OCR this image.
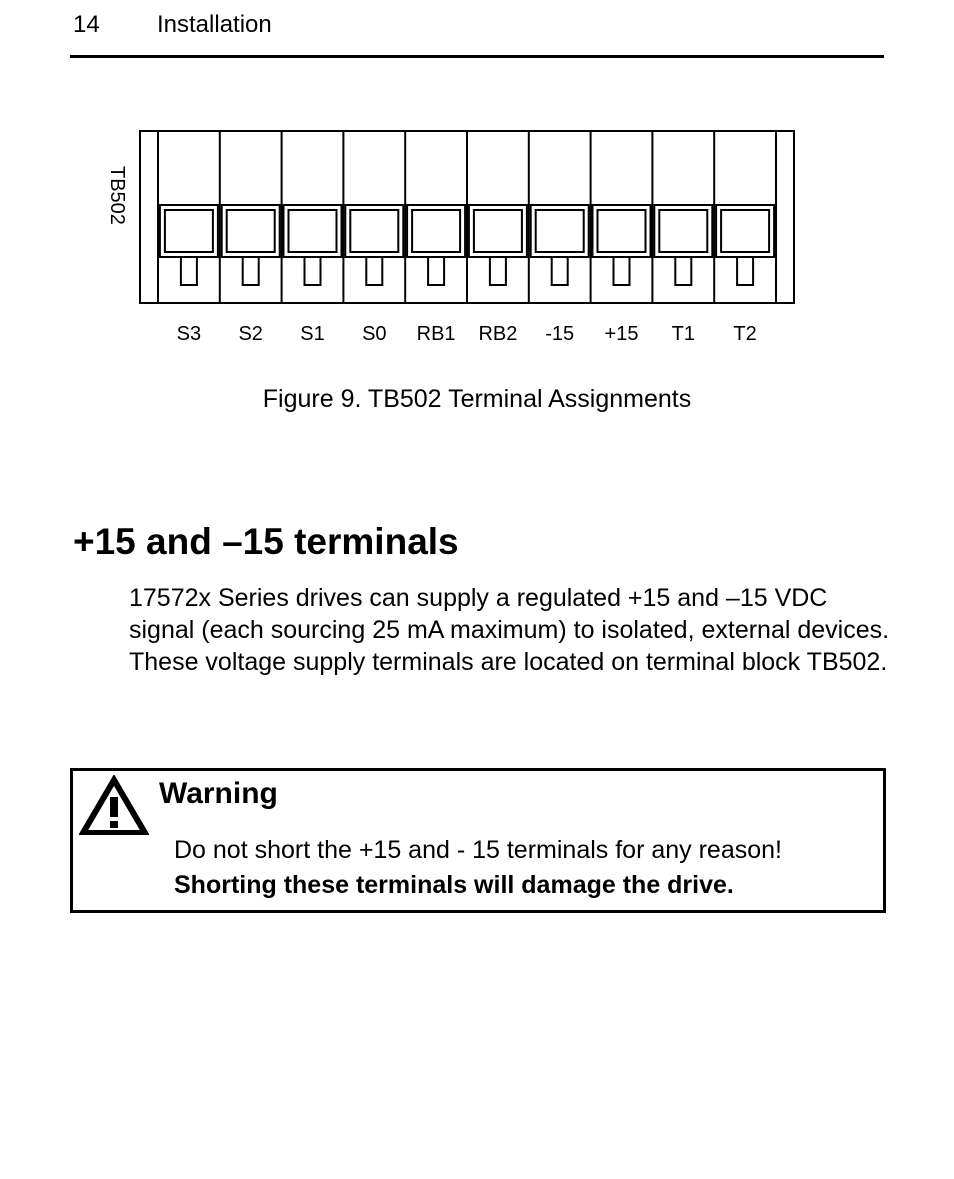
14 Installation
TB502
S3 S2 S1 S0 RB1 RB2 -15 +15 T1 T2
Figure 9. TB502 Terminal Assignments
+15 and –15 terminals

17572x Series drives can supply a regulated +15 and –15 VDC signal (each sourcing 25 mA maximum) to isolated, external devices. These voltage supply terminals are located on terminal block TB502.

Warning
Do not short the +15 and - 15 terminals for any reason!
Shorting these terminals will damage the drive.
